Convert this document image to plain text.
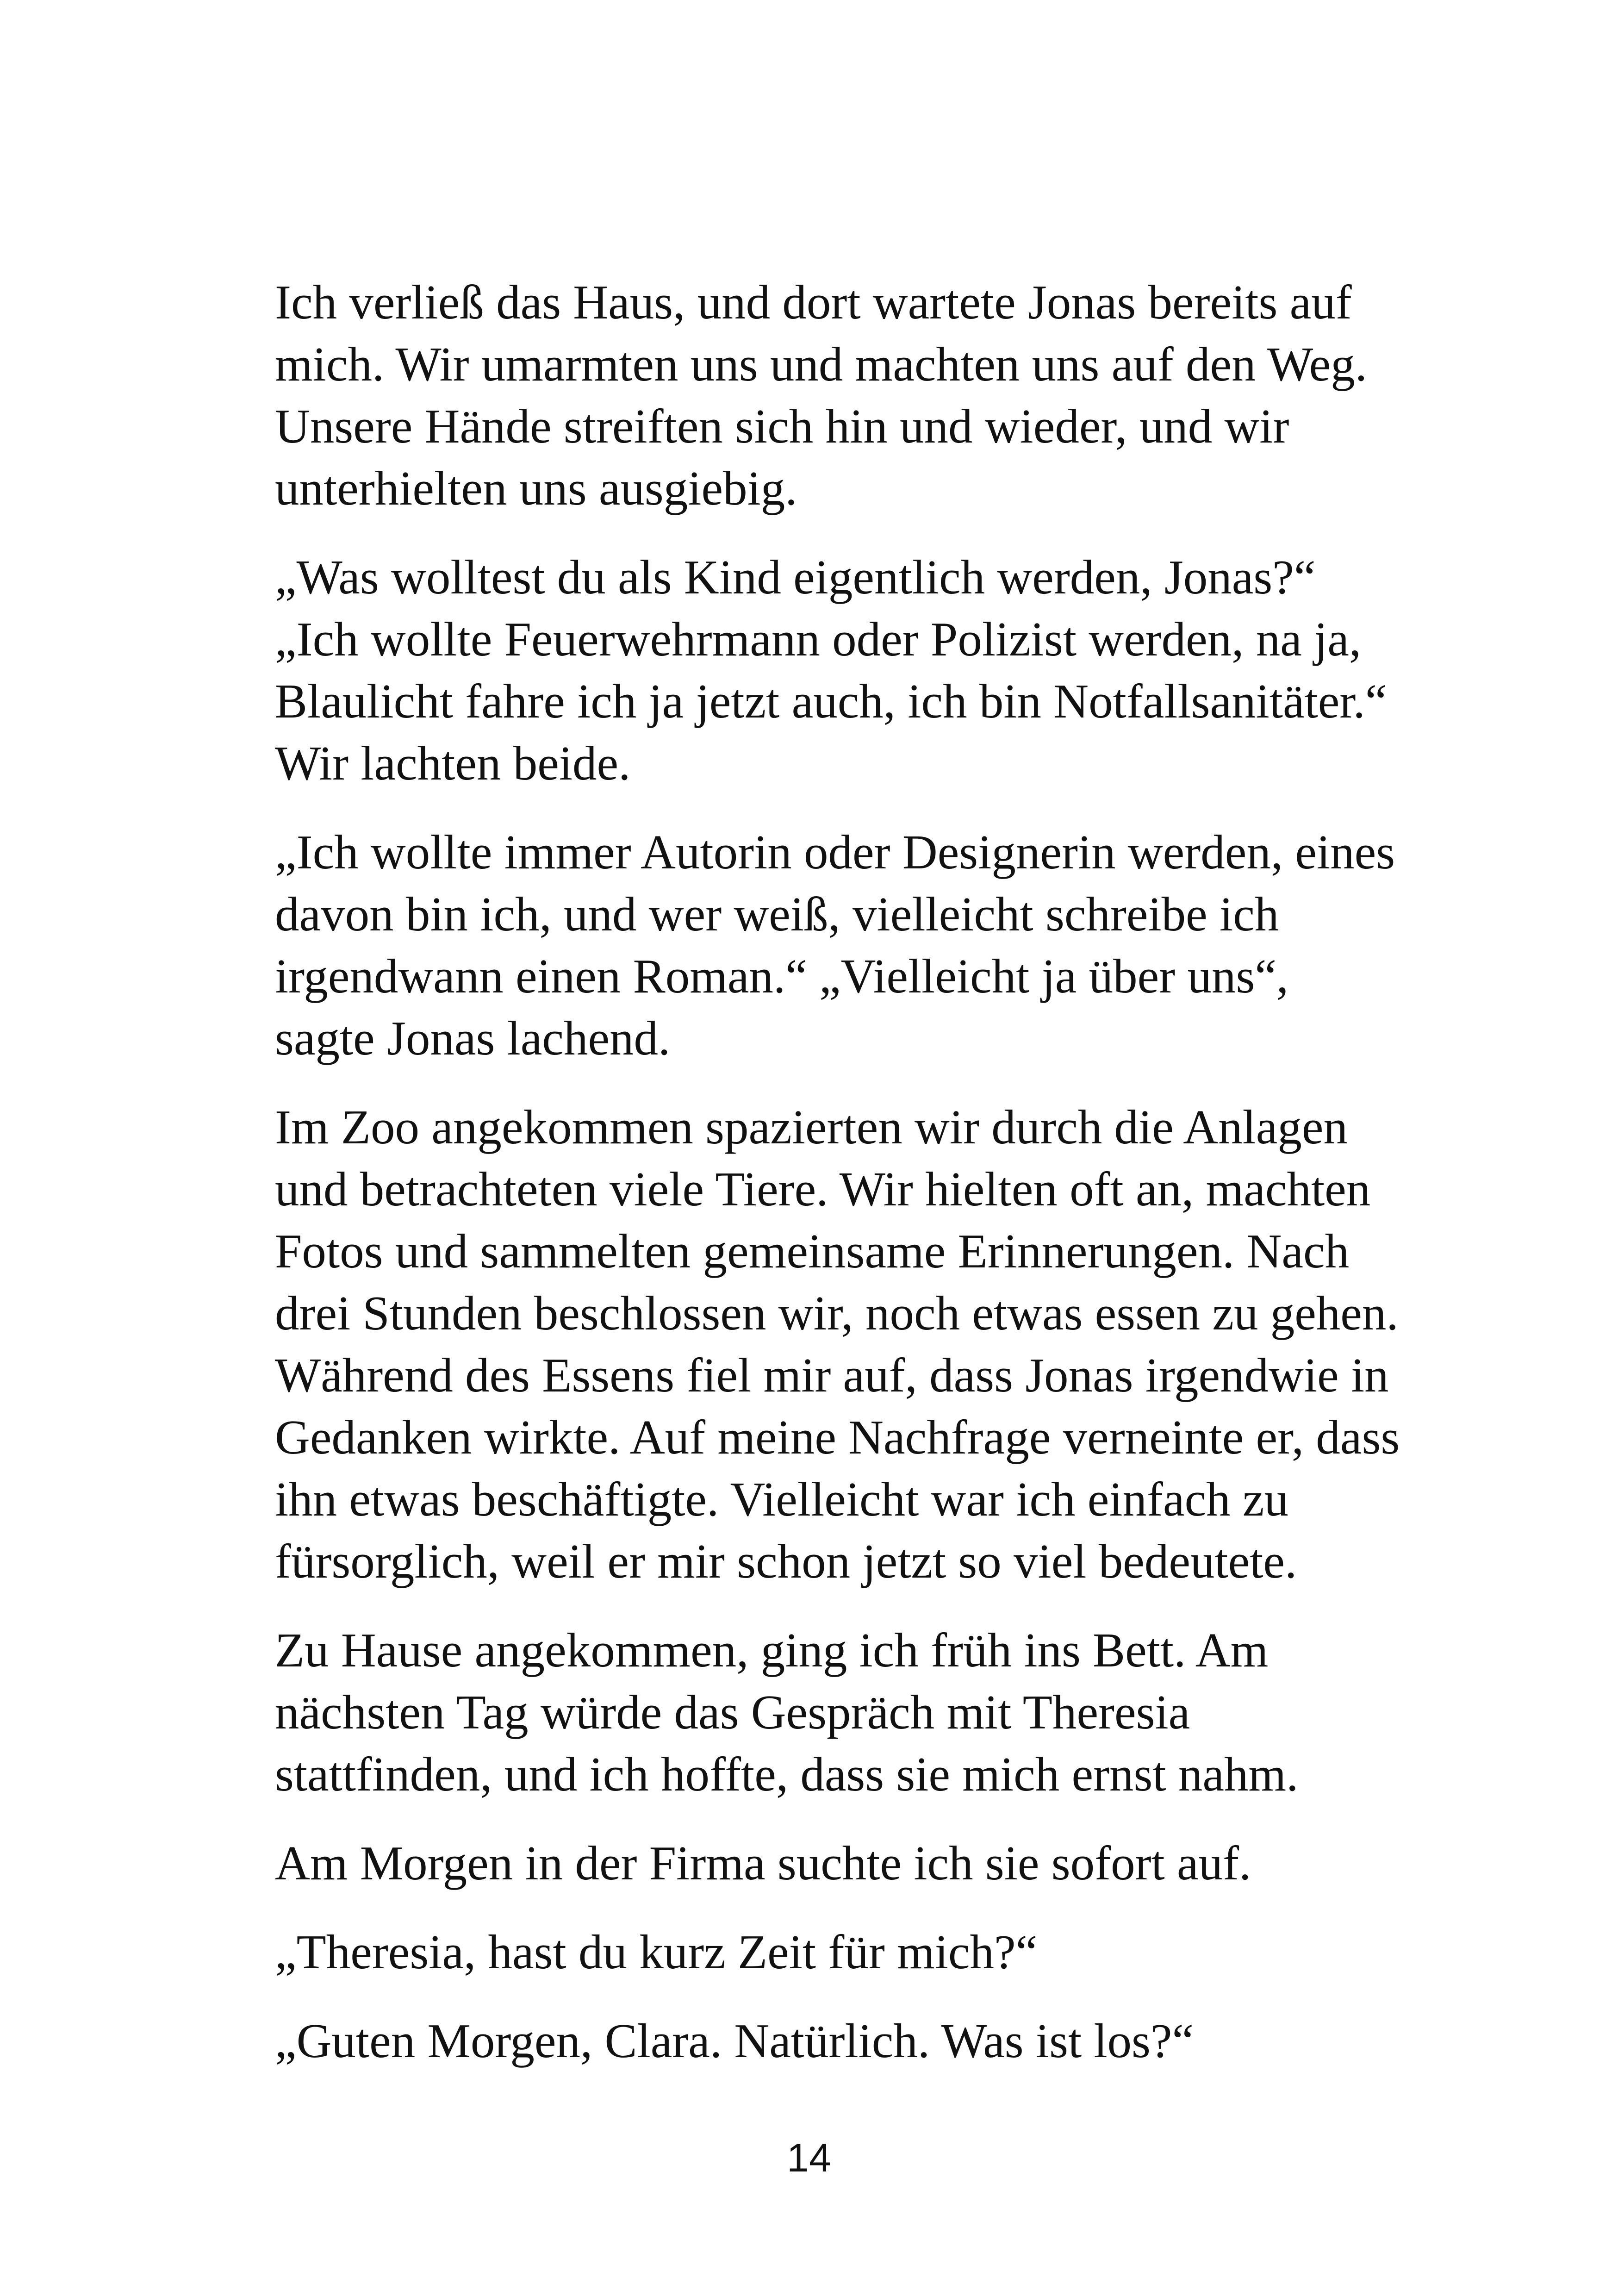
Ich verließ das Haus, und dort wartete Jonas bereits auf
mich. Wir umarmten uns und machten uns auf den Weg.
Unsere Hände streiften sich hin und wieder, und wir
unterhielten uns ausgiebig.

„Was wolltest du als Kind eigentlich werden, Jonas?“
„Ich wollte Feuerwehrmann oder Polizist werden, na ja,
Blaulicht fahre ich ja jetzt auch, ich bin Notfallsanitäter.“
Wir lachten beide.

„Ich wollte immer Autorin oder Designerin werden, eines
davon bin ich, und wer weiß, vielleicht schreibe ich
irgendwann einen Roman.“ „Vielleicht ja über uns“,
sagte Jonas lachend.

Im Zoo angekommen spazierten wir durch die Anlagen
und betrachteten viele Tiere. Wir hielten oft an, machten
Fotos und sammelten gemeinsame Erinnerungen. Nach
drei Stunden beschlossen wir, noch etwas essen zu gehen.
Während des Essens fiel mir auf, dass Jonas irgendwie in
Gedanken wirkte. Auf meine Nachfrage verneinte er, dass
ihn etwas beschäftigte. Vielleicht war ich einfach zu
fürsorglich, weil er mir schon jetzt so viel bedeutete.

Zu Hause angekommen, ging ich früh ins Bett. Am
nächsten Tag würde das Gespräch mit Theresia
stattfinden, und ich hoffte, dass sie mich ernst nahm.

Am Morgen in der Firma suchte ich sie sofort auf.

„Theresia, hast du kurz Zeit für mich?“

„Guten Morgen, Clara. Natürlich. Was ist los?“

14
